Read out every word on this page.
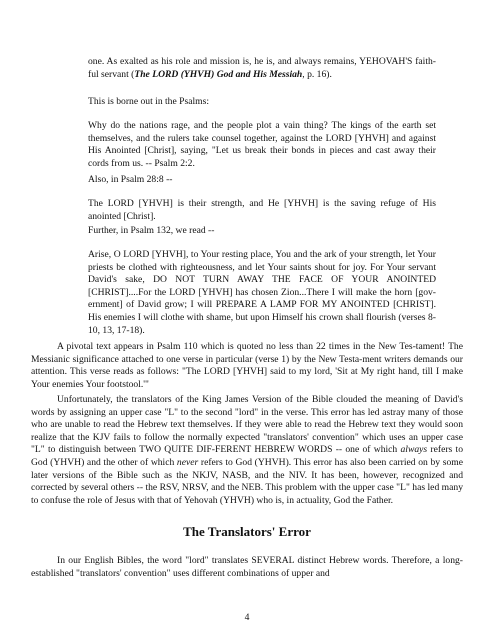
one. As exalted as his role and mission is, he is, and always remains, YEHOVAH'S faith-ful servant (The LORD (YHVH) God and His Messiah, p. 16).

This is borne out in the Psalms:

Why do the nations rage, and the people plot a vain thing? The kings of the earth set themselves, and the rulers take counsel together, against the LORD [YHVH] and against His Anointed [Christ], saying, "Let us break their bonds in pieces and cast away their cords from us. -- Psalm 2:2.

Also, in Psalm 28:8 --

The LORD [YHVH] is their strength, and He [YHVH] is the saving refuge of His anointed [Christ].

Further, in Psalm 132, we read --

Arise, O LORD [YHVH], to Your resting place, You and the ark of your strength, let Your priests be clothed with righteousness, and let Your saints shout for joy. For Your servant David's sake, DO NOT TURN AWAY THE FACE OF YOUR ANOINTED [CHRIST]....For the LORD [YHVH] has chosen Zion...There I will make the horn [gov-ernment] of David grow; I will PREPARE A LAMP FOR MY ANOINTED [CHRIST]. His enemies I will clothe with shame, but upon Himself his crown shall flourish (verses 8-10, 13, 17-18).

A pivotal text appears in Psalm 110 which is quoted no less than 22 times in the New Tes-tament! The Messianic significance attached to one verse in particular (verse 1) by the New Testa-ment writers demands our attention. This verse reads as follows: "The LORD [YHVH] said to my lord, 'Sit at My right hand, till I make Your enemies Your footstool.'"

Unfortunately, the translators of the King James Version of the Bible clouded the meaning of David's words by assigning an upper case "L" to the second "lord" in the verse. This error has led astray many of those who are unable to read the Hebrew text themselves. If they were able to read the Hebrew text they would soon realize that the KJV fails to follow the normally expected "translators' convention" which uses an upper case "L" to distinguish between TWO QUITE DIF-FERENT HEBREW WORDS -- one of which always refers to God (YHVH) and the other of which never refers to God (YHVH). This error has also been carried on by some later versions of the Bible such as the NKJV, NASB, and the NIV. It has been, however, recognized and corrected by several others -- the RSV, NRSV, and the NEB. This problem with the upper case "L" has led many to confuse the role of Jesus with that of Yehovah (YHVH) who is, in actuality, God the Father.

The Translators' Error

In our English Bibles, the word "lord" translates SEVERAL distinct Hebrew words. Therefore, a long-established "translators' convention" uses different combinations of upper and

4
